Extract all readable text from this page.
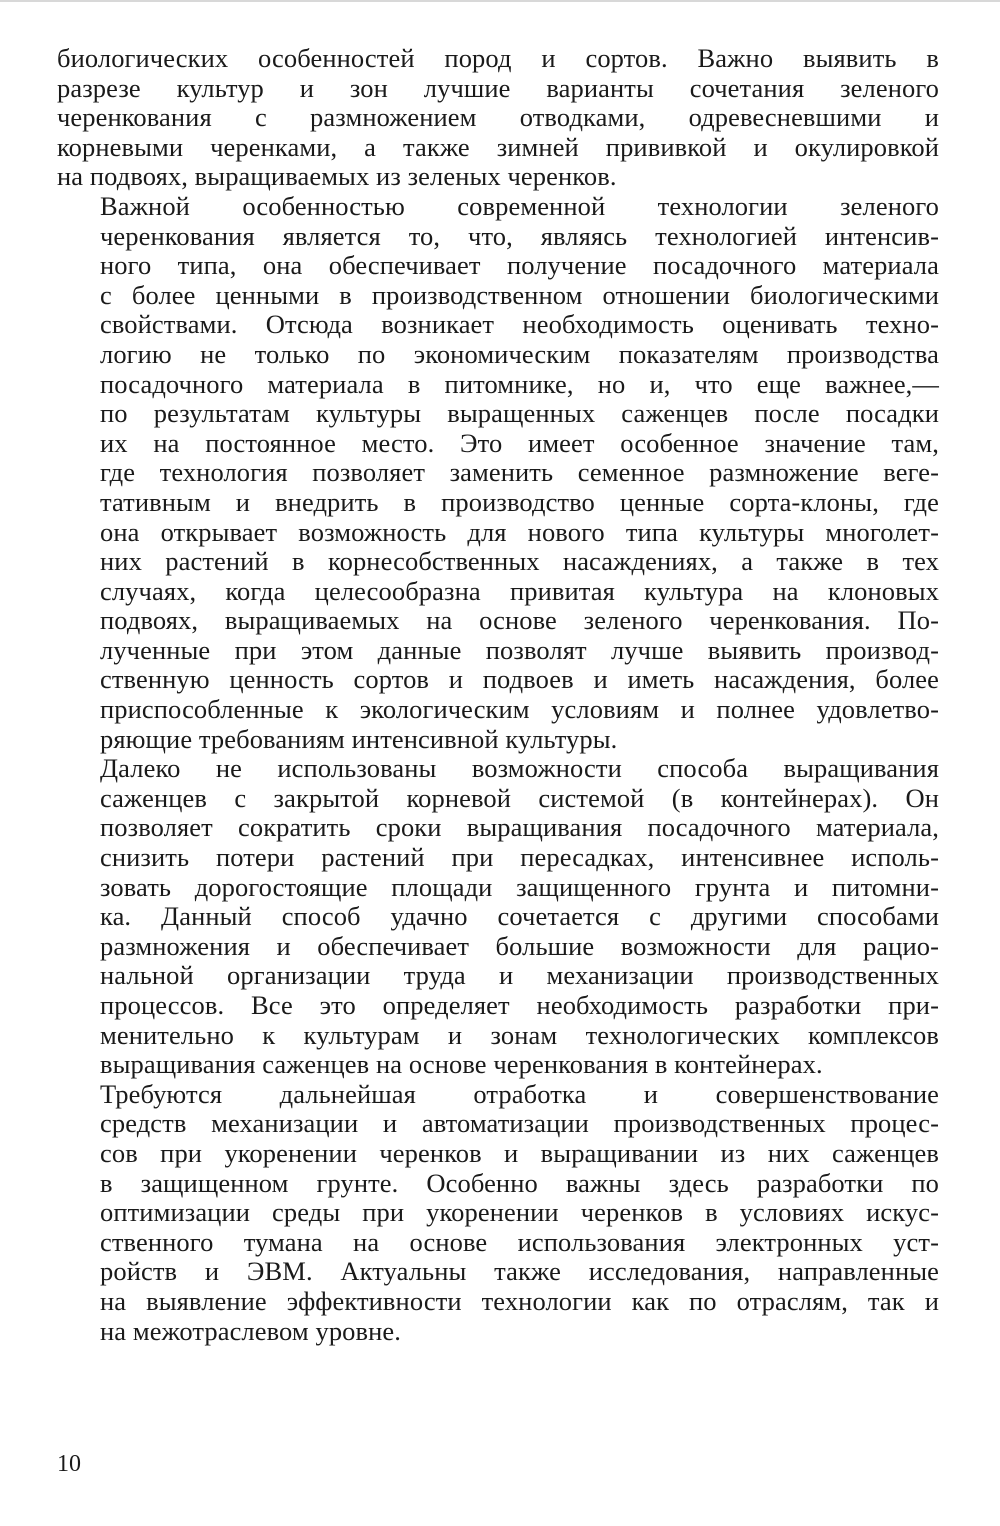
биологических особенностей пород и сортов. Важно выявить в
разрезе культур и зон лучшие варианты сочетания зеленого
черенкования с размножением отводками, одревесневшими и
корневыми черенками, а также зимней прививкой и окулировкой
на подвоях, выращиваемых из зеленых черенков.

Важной особенностью современной технологии зеленого
черенкования является то, что, являясь технологией интенсив-
ного типа, она обеспечивает получение посадочного материала
с более ценными в производственном отношении биологическими
свойствами. Отсюда возникает необходимость оценивать техно-
логию не только по экономическим показателям производства
посадочного материала в питомнике, но и, что еще важнее,—
по результатам культуры выращенных саженцев после посадки
их на постоянное место. Это имеет особенное значение там,
где технология позволяет заменить семенное размножение веге-
тативным и внедрить в производство ценные сорта-клоны, где
она открывает возможность для нового типа культуры многолет-
них растений в корнесобственных насаждениях, а также в тех
случаях, когда целесообразна привитая культура на клоновых
подвоях, выращиваемых на основе зеленого черенкования. По-
лученные при этом данные позволят лучше выявить производ-
ственную ценность сортов и подвоев и иметь насаждения, более
приспособленные к экологическим условиям и полнее удовлетво-
ряющие требованиям интенсивной культуры.

Далеко не использованы возможности способа выращивания
саженцев с закрытой корневой системой (в контейнерах). Он
позволяет сократить сроки выращивания посадочного материала,
снизить потери растений при пересадках, интенсивнее исполь-
зовать дорогостоящие площади защищенного грунта и питомни-
ка. Данный способ удачно сочетается с другими способами
размножения и обеспечивает большие возможности для рацио-
нальной организации труда и механизации производственных
процессов. Все это определяет необходимость разработки при-
менительно к культурам и зонам технологических комплексов
выращивания саженцев на основе черенкования в контейнерах.

Требуются дальнейшая отработка и совершенствование
средств механизации и автоматизации производственных процес-
сов при укоренении черенков и выращивании из них саженцев
в защищенном грунте. Особенно важны здесь разработки по
оптимизации среды при укоренении черенков в условиях искус-
ственного тумана на основе использования электронных уст-
ройств и ЭВМ. Актуальны также исследования, направленные
на выявление эффективности технологии как по отраслям, так и
на межотраслевом уровне.

10
